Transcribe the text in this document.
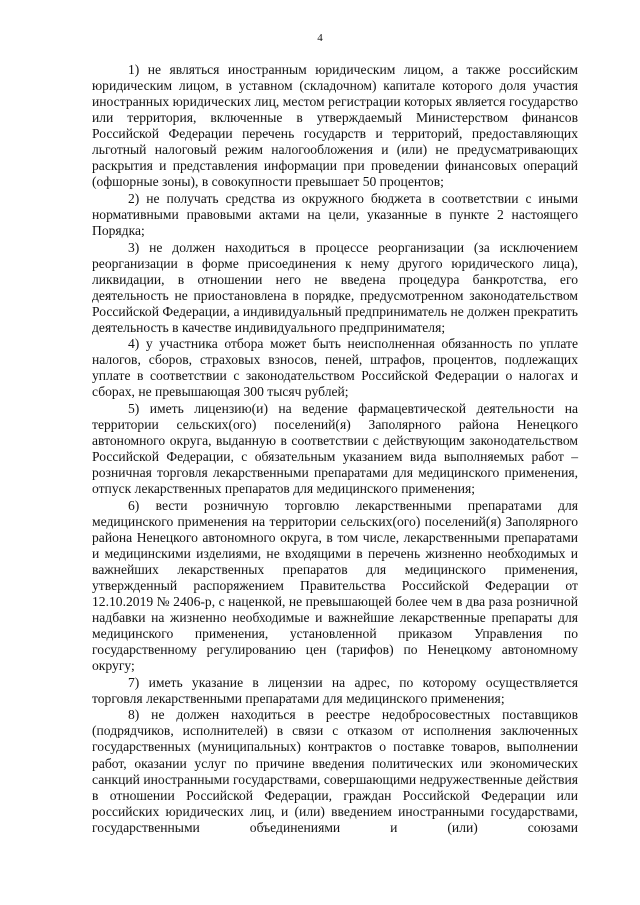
4

1) не являться иностранным юридическим лицом, а также российским юридическим лицом, в уставном (складочном) капитале которого доля участия иностранных юридических лиц, местом регистрации которых является государство или территория, включенные в утверждаемый Министерством финансов Российской Федерации перечень государств и территорий, предоставляющих льготный налоговый режим налогообложения и (или) не предусматривающих раскрытия и представления информации при проведении финансовых операций (офшорные зоны), в совокупности превышает 50 процентов;

2) не получать средства из окружного бюджета в соответствии с иными нормативными правовыми актами на цели, указанные в пункте 2 настоящего Порядка;

3) не должен находиться в процессе реорганизации (за исключением реорганизации в форме присоединения к нему другого юридического лица), ликвидации, в отношении него не введена процедура банкротства, его деятельность не приостановлена в порядке, предусмотренном законодательством Российской Федерации, а индивидуальный предприниматель не должен прекратить деятельность в качестве индивидуального предпринимателя;

4) у участника отбора может быть неисполненная обязанность по уплате налогов, сборов, страховых взносов, пеней, штрафов, процентов, подлежащих уплате в соответствии с законодательством Российской Федерации о налогах и сборах, не превышающая 300 тысяч рублей;

5) иметь лицензию(и) на ведение фармацевтической деятельности на территории сельских(ого) поселений(я) Заполярного района Ненецкого автономного округа, выданную в соответствии с действующим законодательством Российской Федерации, с обязательным указанием вида выполняемых работ – розничная торговля лекарственными препаратами для медицинского применения, отпуск лекарственных препаратов для медицинского применения;

6) вести розничную торговлю лекарственными препаратами для медицинского применения на территории сельских(ого) поселений(я) Заполярного района Ненецкого автономного округа, в том числе, лекарственными препаратами и медицинскими изделиями, не входящими в перечень жизненно необходимых и важнейших лекарственных препаратов для медицинского применения, утвержденный распоряжением Правительства Российской Федерации от 12.10.2019 № 2406-р, с наценкой, не превышающей более чем в два раза розничной надбавки на жизненно необходимые и важнейшие лекарственные препараты для медицинского применения, установленной приказом Управления по государственному регулированию цен (тарифов) по Ненецкому автономному округу;

7) иметь указание в лицензии на адрес, по которому осуществляется торговля лекарственными препаратами для медицинского применения;

8) не должен находиться в реестре недобросовестных поставщиков (подрядчиков, исполнителей) в связи с отказом от исполнения заключенных государственных (муниципальных) контрактов о поставке товаров, выполнении работ, оказании услуг по причине введения политических или экономических санкций иностранными государствами, совершающими недружественные действия в отношении Российской Федерации, граждан Российской Федерации или российских юридических лиц, и (или) введением иностранными государствами, государственными объединениями и (или) союзами
